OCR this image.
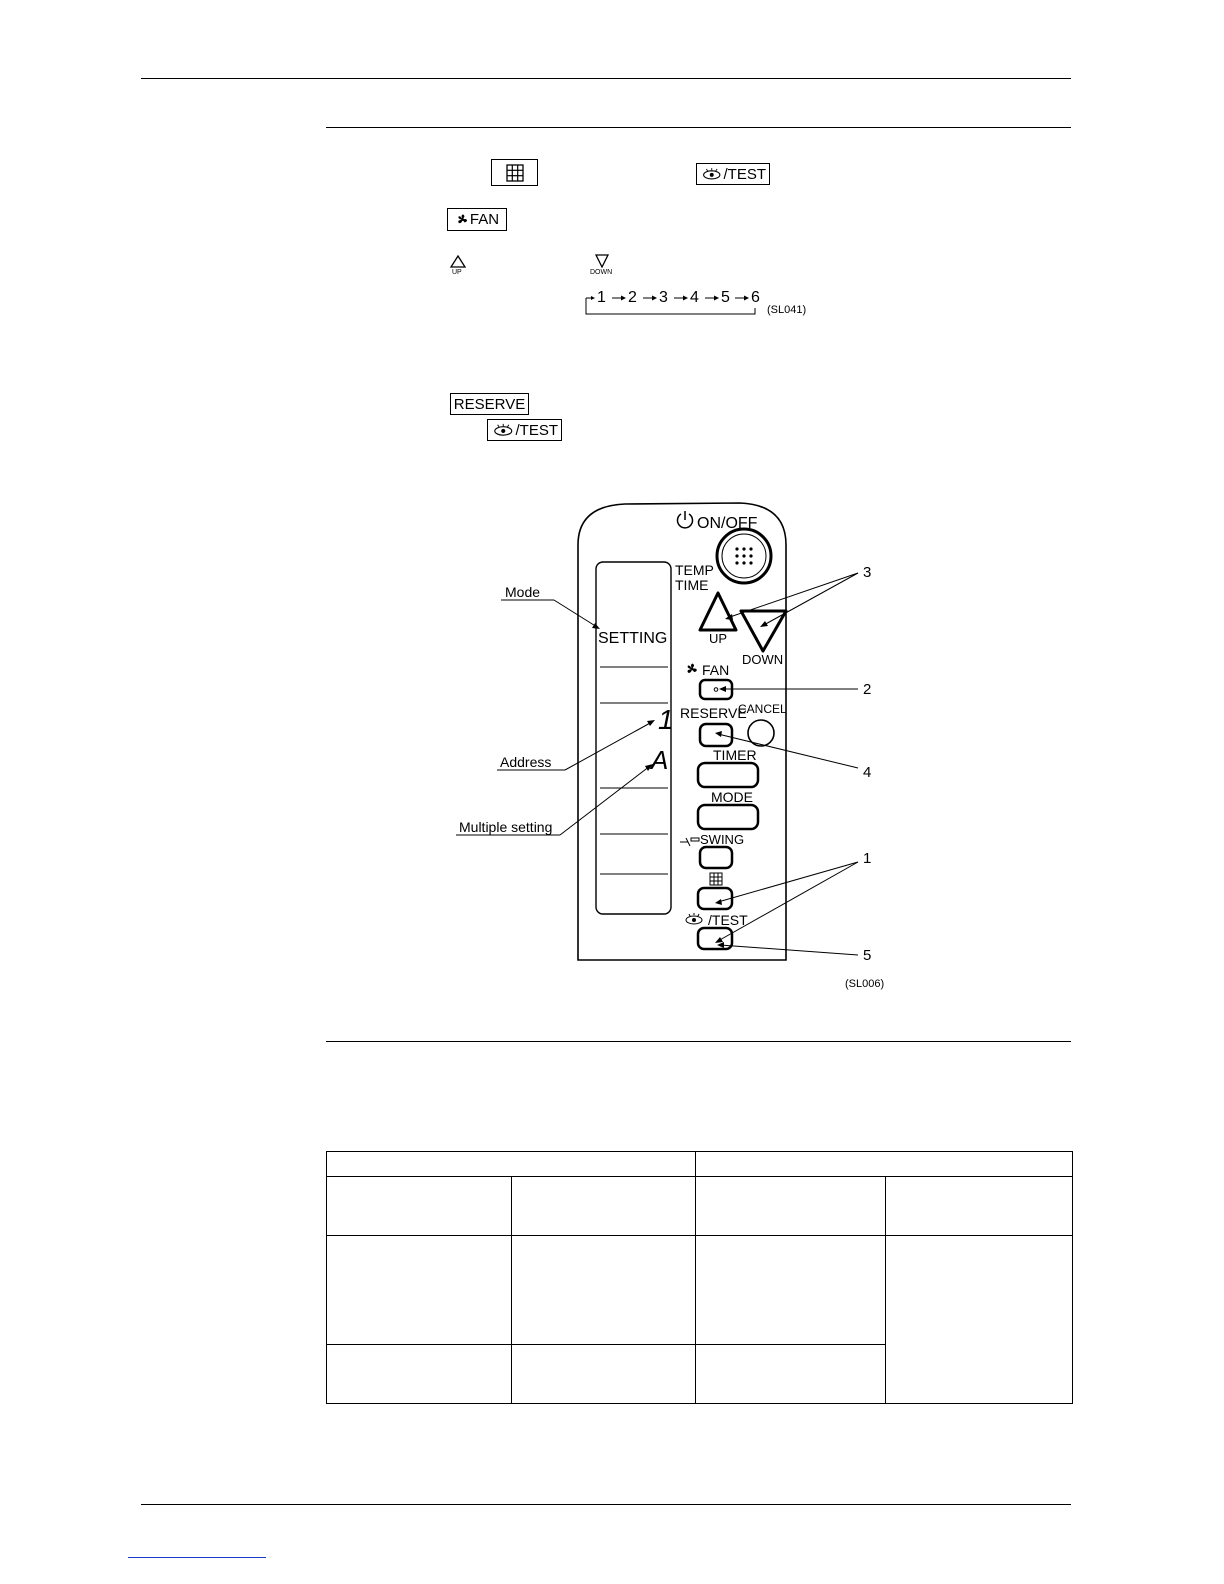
/TEST
FAN
UP	DOWN
1 2 3 4 5 6
(SL041)
RESERVE
/TEST
SETTING
1
A
ON/OFF
TEMP
TIME
UP
DOWN
FAN
RESERVE
CANCEL
TIMER
MODE
SWING
/TEST
Mode
Address
Multiple setting
3
2
4
1
5
(SL006)
